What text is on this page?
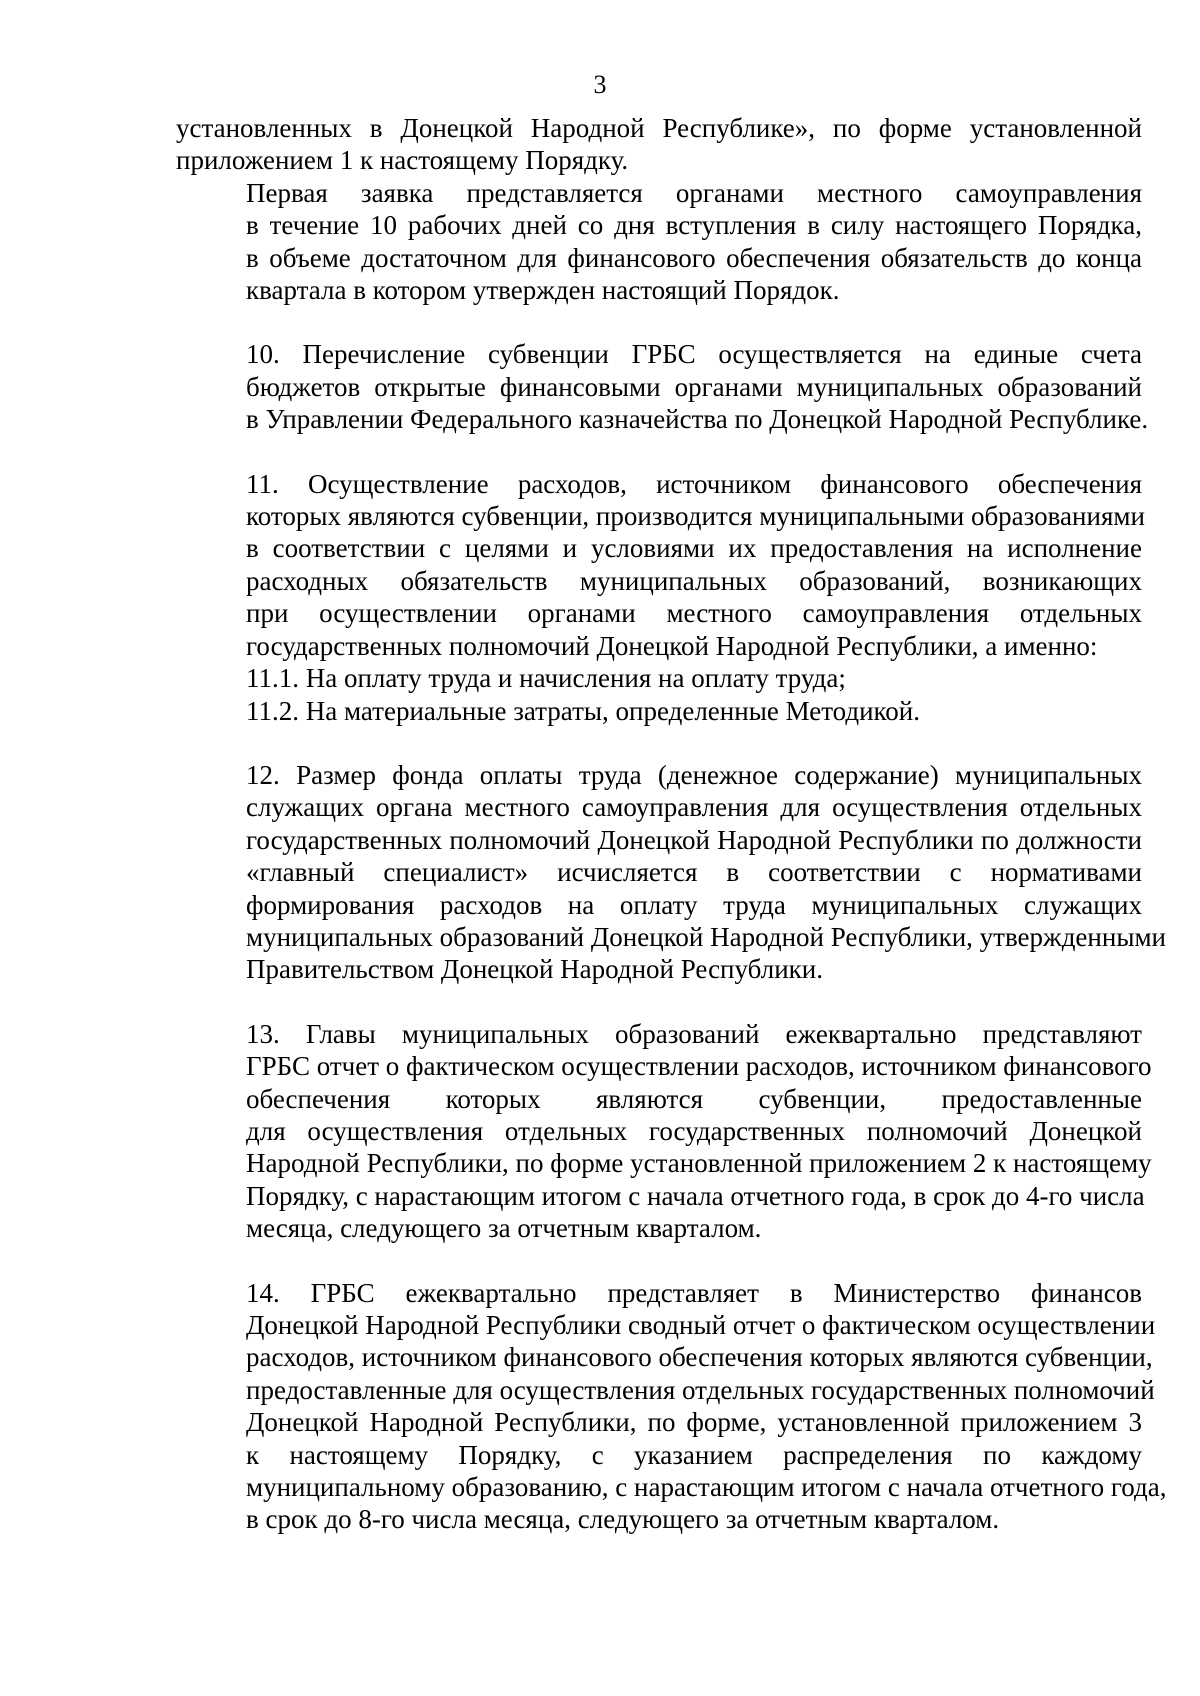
3

установленных в Донецкой Народной Республике», по форме установленной
приложением 1 к настоящему Порядку.

Первая заявка представляется органами местного самоуправления
в течение 10 рабочих дней со дня вступления в силу настоящего Порядка,
в объеме достаточном для финансового обеспечения обязательств до конца
квартала в котором утвержден настоящий Порядок.

10. Перечисление субвенции ГРБС осуществляется на единые счета
бюджетов открытые финансовыми органами муниципальных образований
в Управлении Федерального казначейства по Донецкой Народной Республике.

11. Осуществление расходов, источником финансового обеспечения
которых являются субвенции, производится муниципальными образованиями
в соответствии с целями и условиями их предоставления на исполнение
расходных обязательств муниципальных образований, возникающих
при осуществлении органами местного самоуправления отдельных
государственных полномочий Донецкой Народной Республики, а именно:

11.1. На оплату труда и начисления на оплату труда;

11.2. На материальные затраты, определенные Методикой.

12. Размер фонда оплаты труда (денежное содержание) муниципальных
служащих органа местного самоуправления для осуществления отдельных
государственных полномочий Донецкой Народной Республики по должности
«главный специалист» исчисляется в соответствии с нормативами
формирования расходов на оплату труда муниципальных служащих
муниципальных образований Донецкой Народной Республики, утвержденными
Правительством Донецкой Народной Республики.

13. Главы муниципальных образований ежеквартально представляют
ГРБС отчет о фактическом осуществлении расходов, источником финансового
обеспечения которых являются субвенции, предоставленные
для осуществления отдельных государственных полномочий Донецкой
Народной Республики, по форме установленной приложением 2 к настоящему
Порядку, с нарастающим итогом с начала отчетного года, в срок до 4-го числа
месяца, следующего за отчетным кварталом.

14. ГРБС ежеквартально представляет в Министерство финансов
Донецкой Народной Республики сводный отчет о фактическом осуществлении
расходов, источником финансового обеспечения которых являются субвенции,
предоставленные для осуществления отдельных государственных полномочий
Донецкой Народной Республики, по форме, установленной приложением 3
к настоящему Порядку, с указанием распределения по каждому
муниципальному образованию, с нарастающим итогом с начала отчетного года,
в срок до 8-го числа месяца, следующего за отчетным кварталом.
